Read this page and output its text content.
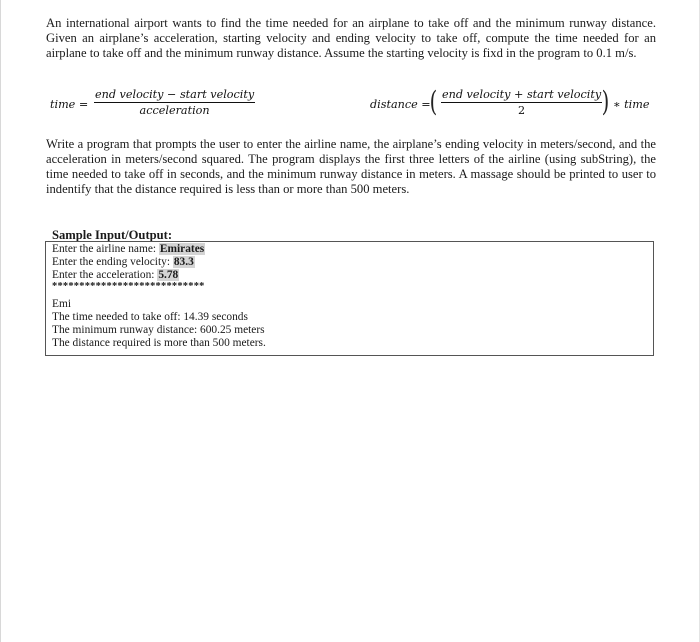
An international airport wants to find the time needed for an airplane to take off and the minimum runway distance. Given an airplane’s acceleration, starting velocity and ending velocity to take off, compute the time needed for an airplane to take off and the minimum runway distance. Assume the starting velocity is fixd in the program to 0.1 m/s.
time =
end velocity − start velocity
acceleration	distance =
( end velocity + start velocity
2	) ∗ time
Write a program that prompts the user to enter the airline name, the airplane’s ending velocity in meters/second, and the acceleration in meters/second squared. The program displays the first three letters of the airline (using subString), the time needed to take off in seconds, and the minimum runway distance in meters. A massage should be printed to user to indentify that the distance required is less than or more than 500 meters.
Sample Input/Output:
Enter the airline name: Emirates
Enter the ending velocity: 83.3
Enter the acceleration: 5.78
****************************
Emi
The time needed to take off: 14.39 seconds
The minimum runway distance: 600.25 meters
The distance required is more than 500 meters.
